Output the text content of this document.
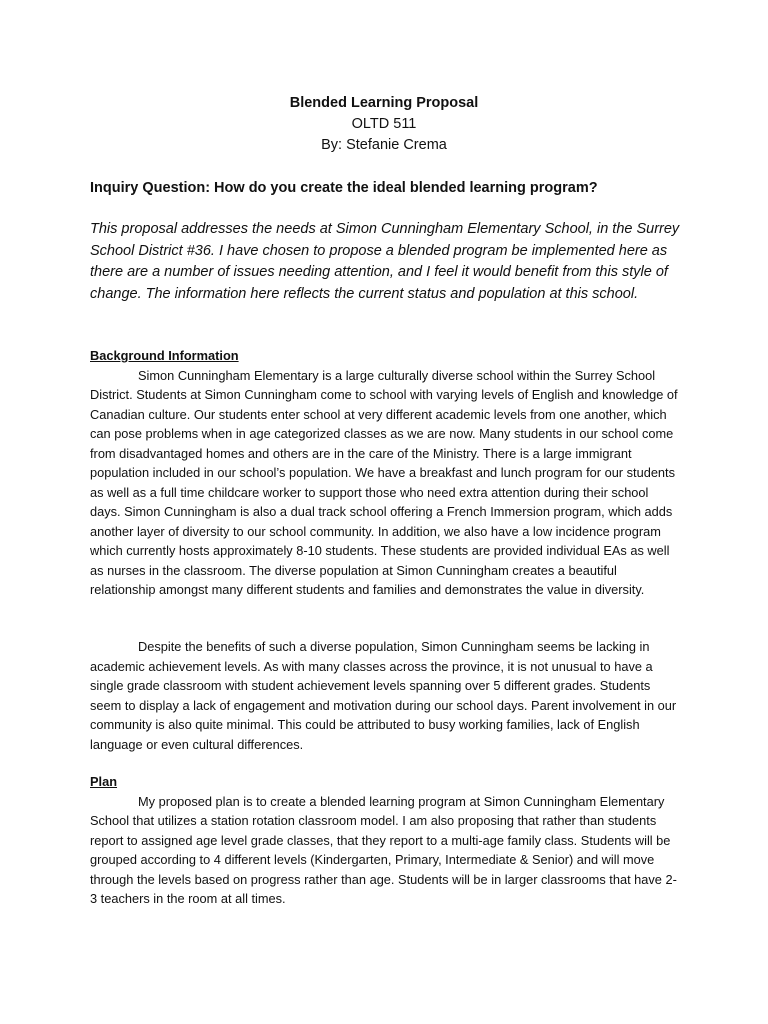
Blended Learning Proposal
OLTD 511
By: Stefanie Crema
Inquiry Question: How do you create the ideal blended learning program?

This proposal addresses the needs at Simon Cunningham Elementary School, in the Surrey School District #36. I have chosen to propose a blended program be implemented here as there are a number of issues needing attention, and I feel it would benefit from this style of change. The information here reflects the current status and population at this school.

Background Information

Simon Cunningham Elementary is a large culturally diverse school within the Surrey School District. Students at Simon Cunningham come to school with varying levels of English and knowledge of Canadian culture. Our students enter school at very different academic levels from one another, which can pose problems when in age categorized classes as we are now. Many students in our school come from disadvantaged homes and others are in the care of the Ministry. There is a large immigrant population included in our school’s population. We have a breakfast and lunch program for our students as well as a full time childcare worker to support those who need extra attention during their school days. Simon Cunningham is also a dual track school offering a French Immersion program, which adds another layer of diversity to our school community. In addition, we also have a low incidence program which currently hosts approximately 8-10 students. These students are provided individual EAs as well as nurses in the classroom. The diverse population at Simon Cunningham creates a beautiful relationship amongst many different students and families and demonstrates the value in diversity.

Despite the benefits of such a diverse population, Simon Cunningham seems be lacking in academic achievement levels. As with many classes across the province, it is not unusual to have a single grade classroom with student achievement levels spanning over 5 different grades. Students seem to display a lack of engagement and motivation during our school days. Parent involvement in our community is also quite minimal. This could be attributed to busy working families, lack of English language or even cultural differences.

Plan

My proposed plan is to create a blended learning program at Simon Cunningham Elementary School that utilizes a station rotation classroom model. I am also proposing that rather than students report to assigned age level grade classes, that they report to a multi-age family class. Students will be grouped according to 4 different levels (Kindergarten, Primary, Intermediate & Senior) and will move through the levels based on progress rather than age. Students will be in larger classrooms that have 2-3 teachers in the room at all times.
